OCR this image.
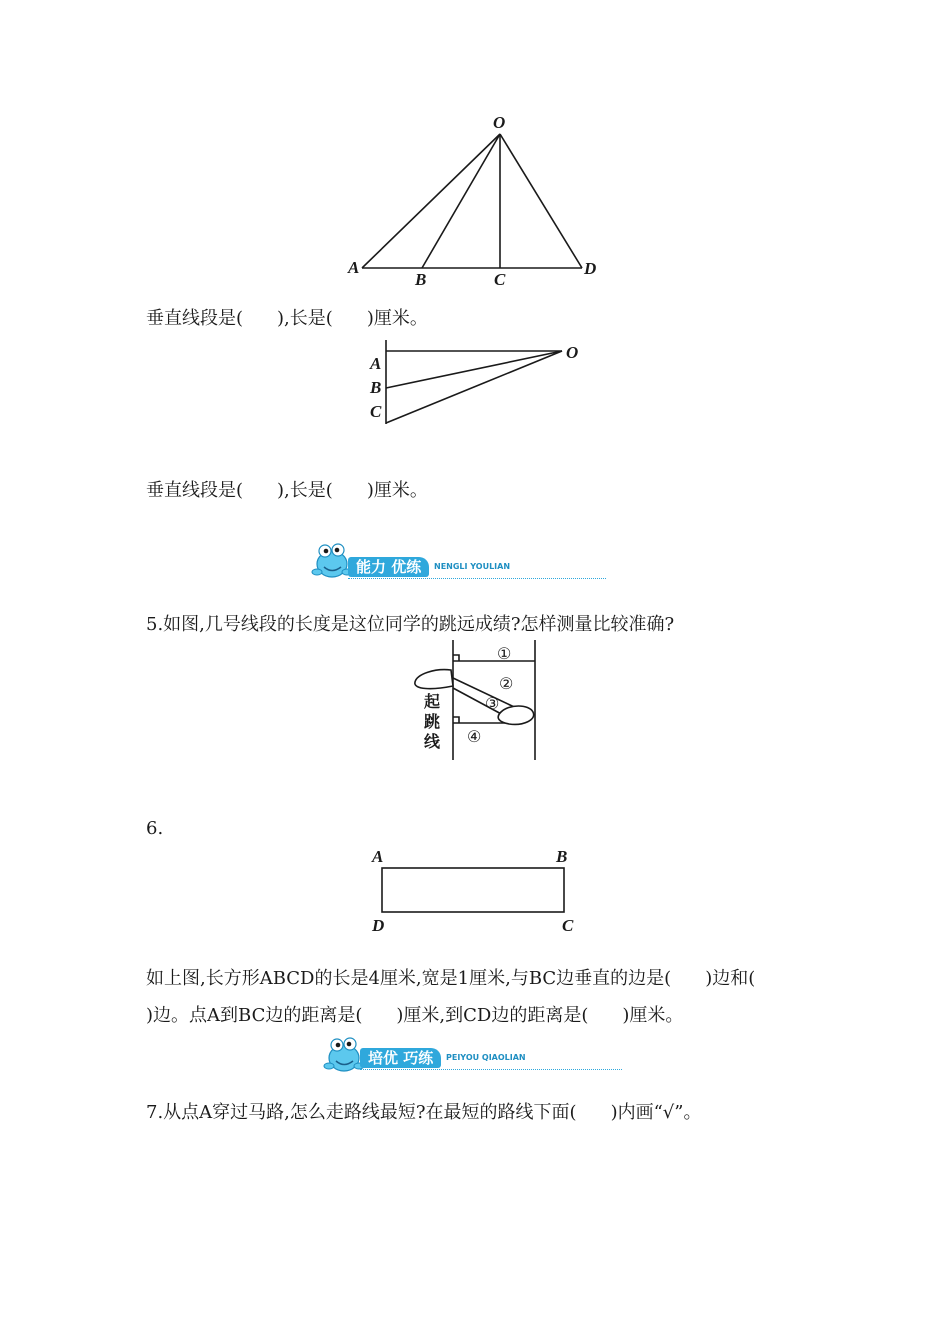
O
A
B	C
D
垂直线段是( ),长是( )厘米。
A
B
C
O
垂直线段是( ),长是( )厘米。
能力 优练	NENGLI YOULIAN
5.如图,几号线段的长度是这位同学的跳远成绩?怎样测量比较准确?
①
②
③
④
起跳线
6.
A	B
D	C
如上图,长方形ABCD的长是4厘米,宽是1厘米,与BC边垂直的边是( )边和(
)边。点A到BC边的距离是( )厘米,到CD边的距离是( )厘米。
培优 巧练	PEIYOU QIAOLIAN
7.从点A穿过马路,怎么走路线最短?在最短的路线下面( )内画“√”。
